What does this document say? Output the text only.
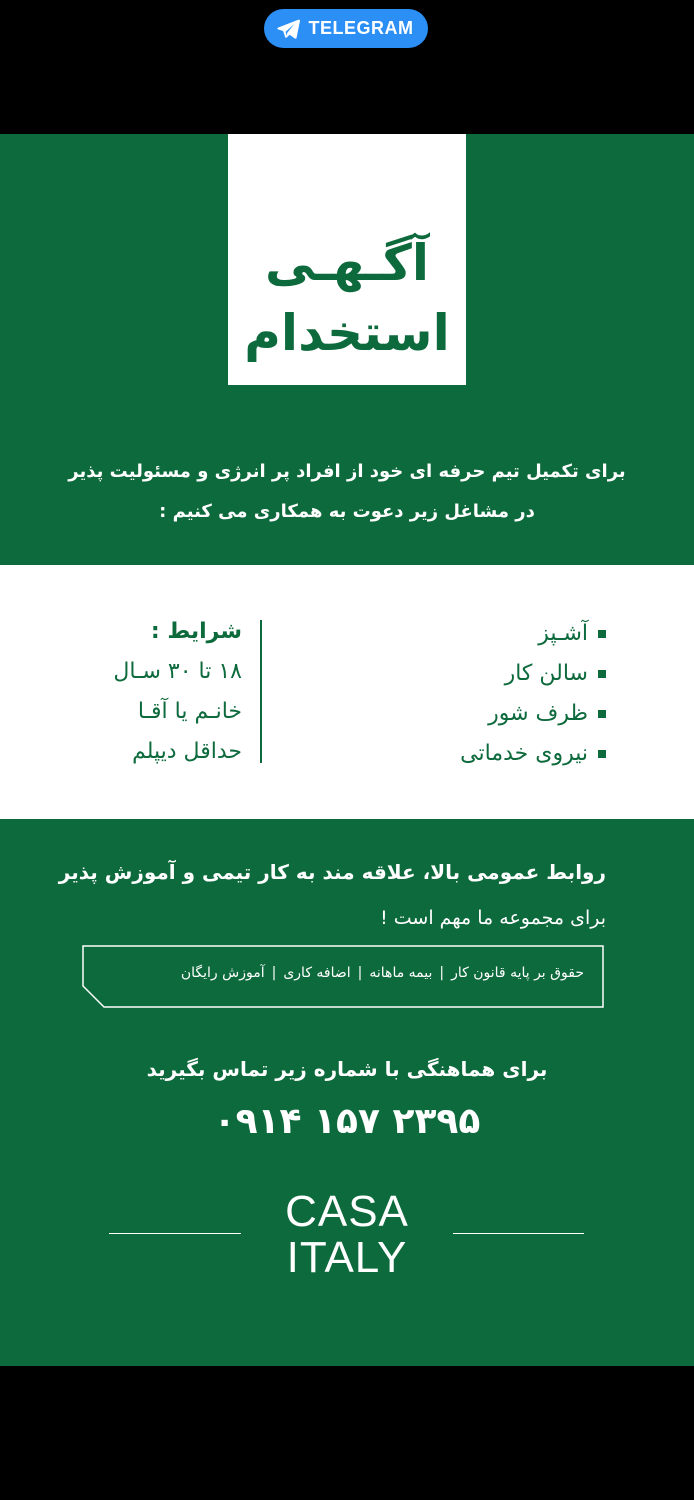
TELEGRAM
آگـهـی
استخدام
برای تکمیل تیم حرفه ای خود از افراد پر انرژی و مسئولیت پذیر
در مشاغل زیر دعوت به همکاری می کنیم :
آشـپز
سالن کار
ظرف شور
نیروی خدماتی
شرایط :
۱۸ تا ۳۰ سـال
خانـم یا آقـا
حداقل دیپلم
روابط عمومی بالا، علاقه مند به کار تیمی و آموزش پذیر
برای مجموعه ما مهم است !
حقوق بر پایه قانون کار|بیمه ماهانه|اضافه کاری|آموزش رایگان
برای هماهنگی با شماره زیر تماس بگیرید
۰۹۱۴ ۱۵۷ ۲۳۹۵
CASA
ITALY
